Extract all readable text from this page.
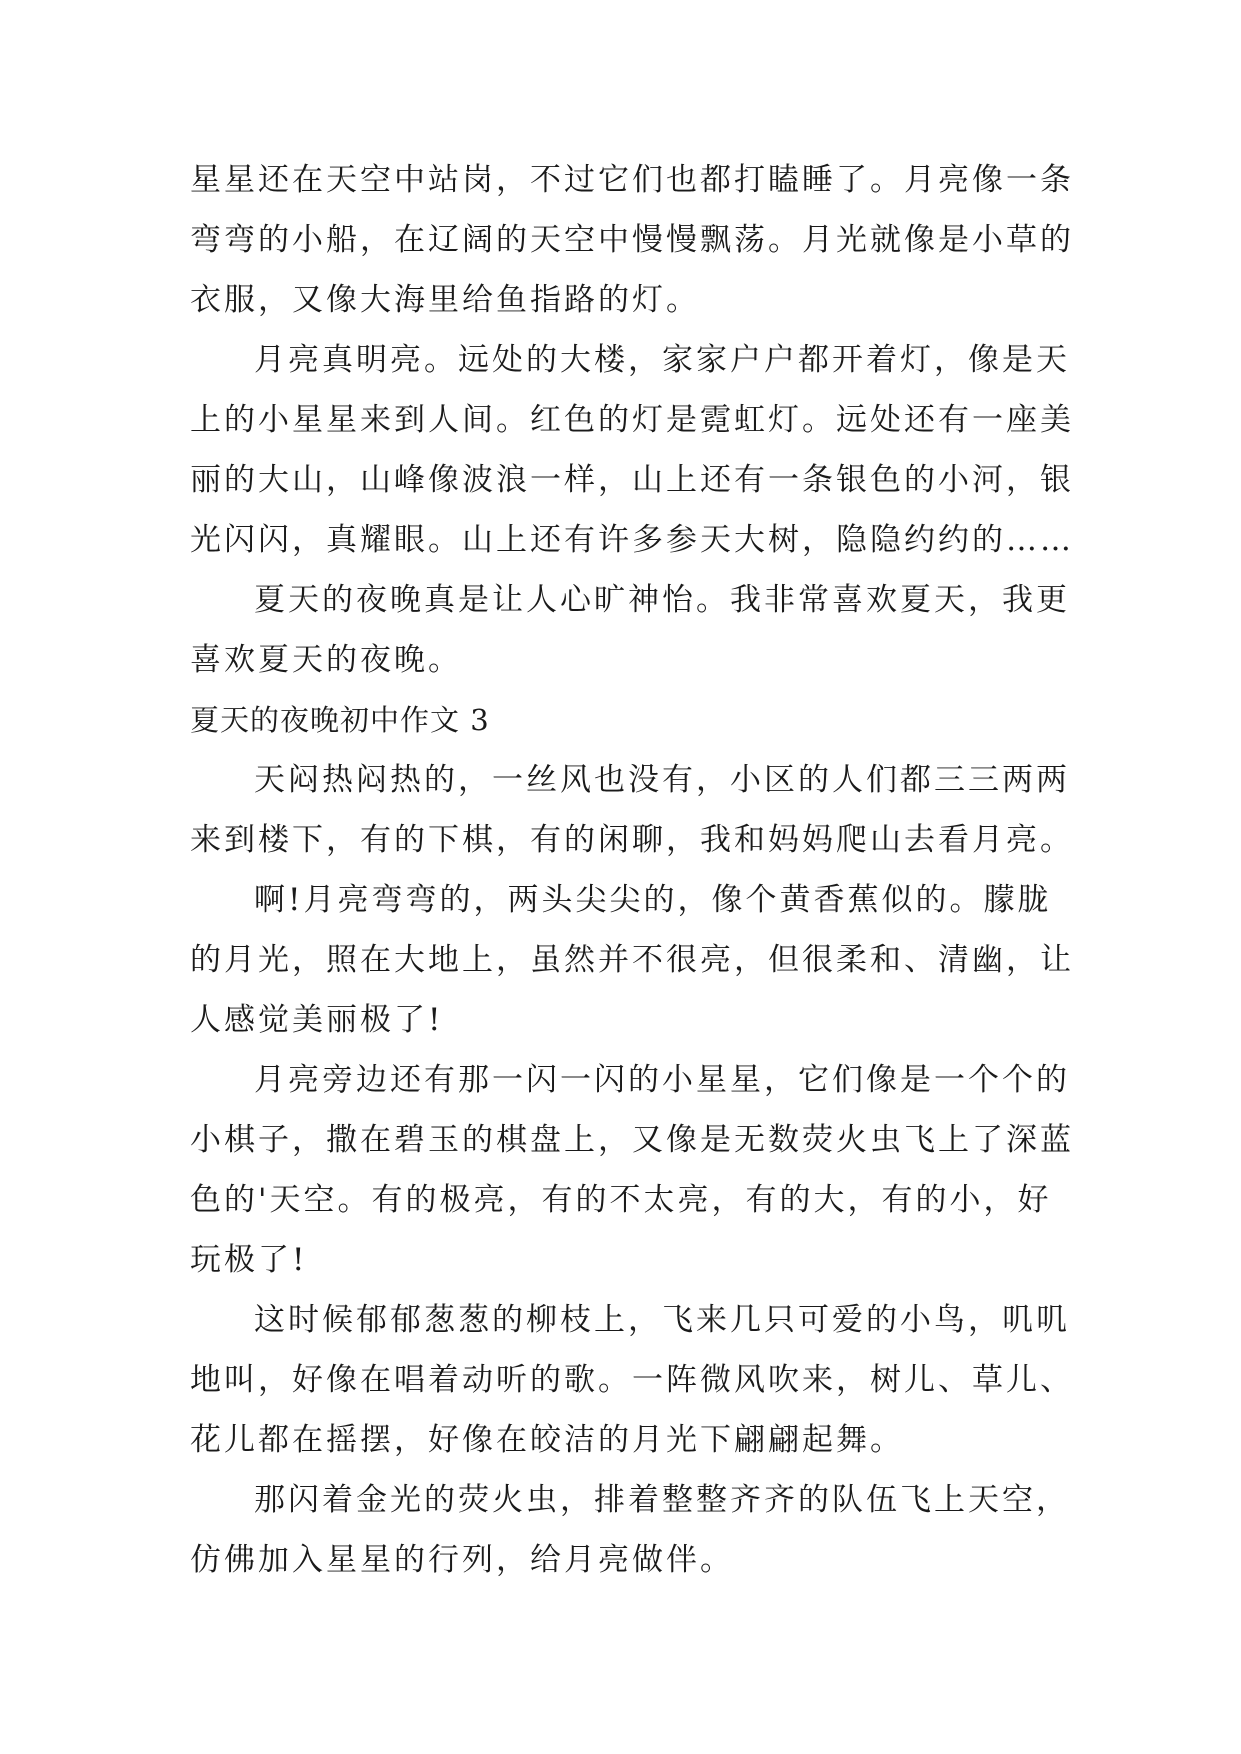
星星还在天空中站岗，不过它们也都打瞌睡了。月亮像一条
弯弯的小船，在辽阔的天空中慢慢飘荡。月光就像是小草的
衣服，又像大海里给鱼指路的灯。
月亮真明亮。远处的大楼，家家户户都开着灯，像是天
上的小星星来到人间。红色的灯是霓虹灯。远处还有一座美
丽的大山，山峰像波浪一样，山上还有一条银色的小河，银
光闪闪，真耀眼。山上还有许多参天大树，隐隐约约的……
夏天的夜晚真是让人心旷神怡。我非常喜欢夏天，我更
喜欢夏天的夜晚。
夏天的夜晚初中作文 3
天闷热闷热的，一丝风也没有，小区的人们都三三两两
来到楼下，有的下棋，有的闲聊，我和妈妈爬山去看月亮。
啊!月亮弯弯的，两头尖尖的，像个黄香蕉似的。朦胧
的月光，照在大地上，虽然并不很亮，但很柔和、清幽，让
人感觉美丽极了!
月亮旁边还有那一闪一闪的小星星，它们像是一个个的
小棋子，撒在碧玉的棋盘上，又像是无数荧火虫飞上了深蓝
色的'天空。有的极亮，有的不太亮，有的大，有的小，好
玩极了!
这时候郁郁葱葱的柳枝上，飞来几只可爱的小鸟，叽叽
地叫，好像在唱着动听的歌。一阵微风吹来，树儿、草儿、
花儿都在摇摆，好像在皎洁的月光下翩翩起舞。
那闪着金光的荧火虫，排着整整齐齐的队伍飞上天空，
仿佛加入星星的行列，给月亮做伴。
